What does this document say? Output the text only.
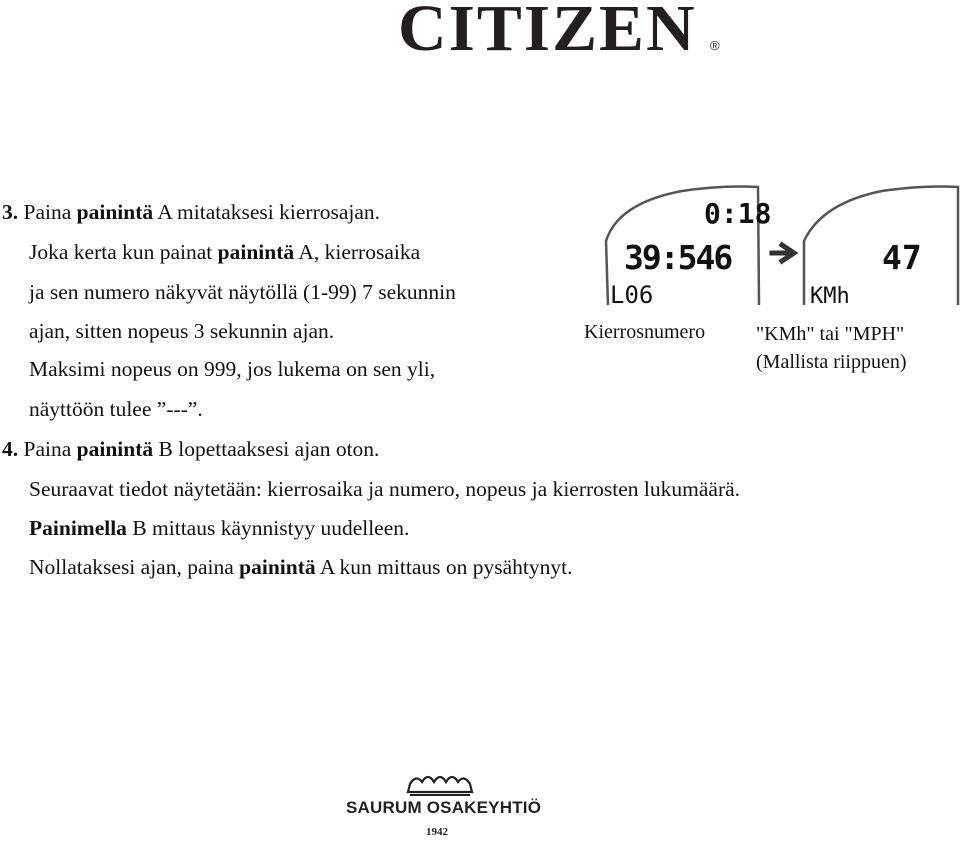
CITIZEN ®
3. Paina painintä A mitataksesi kierrosajan.
Joka kerta kun painat painintä A, kierrosaika
ja sen numero näkyvät näytöllä (1-99) 7 sekunnin
ajan, sitten nopeus 3 sekunnin ajan.
Maksimi nopeus on 999, jos lukema on sen yli,
näyttöön tulee ”---”.
0:18
39:546
L06
47
KMh
Kierrosnumero	"KMh" tai "MPH"
(Mallista riippuen)
4. Paina painintä B lopettaaksesi ajan oton.
Seuraavat tiedot näytetään: kierrosaika ja numero, nopeus ja kierrosten lukumäärä.
Painimella B mittaus käynnistyy uudelleen.
Nollataksesi ajan, paina painintä A kun mittaus on pysähtynyt.
SAURUM OSAKEYHTIÖ
1942
